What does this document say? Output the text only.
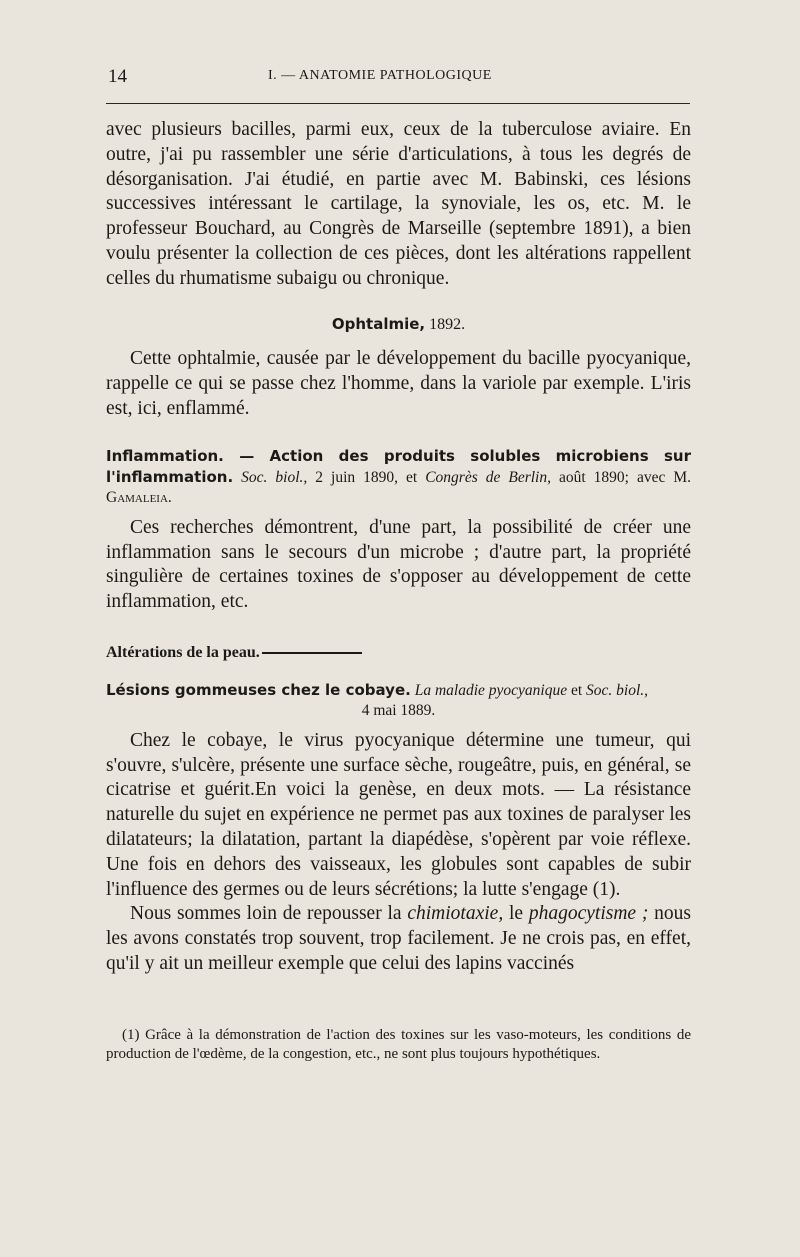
14	I. — ANATOMIE PATHOLOGIQUE

avec plusieurs bacilles, parmi eux, ceux de la tuberculose aviaire. En outre, j'ai pu rassembler une série d'articulations, à tous les degrés de désorganisation. J'ai étudié, en partie avec M. Babinski, ces lésions successives intéressant le cartilage, la synoviale, les os, etc. M. le professeur Bouchard, au Congrès de Marseille (septembre 1891), a bien voulu présenter la collection de ces pièces, dont les altérations rappellent celles du rhumatisme subaigu ou chronique.

Ophtalmie, 1892.

Cette ophtalmie, causée par le développement du bacille pyocyanique, rappelle ce qui se passe chez l'homme, dans la variole par exemple. L'iris est, ici, enflammé.

Inflammation. — Action des produits solubles microbiens sur l'inflammation. Soc. biol., 2 juin 1890, et Congrès de Berlin, août 1890; avec M. Gamaleia.

Ces recherches démontrent, d'une part, la possibilité de créer une inflammation sans le secours d'un microbe ; d'autre part, la propriété singulière de certaines toxines de s'opposer au développement de cette inflammation, etc.

Altérations de la peau.
Lésions gommeuses chez le cobaye. La maladie pyocyanique et Soc. biol.,
4 mai 1889.

Chez le cobaye, le virus pyocyanique détermine une tumeur, qui s'ouvre, s'ulcère, présente une surface sèche, rougeâtre, puis, en général, se cicatrise et guérit.En voici la genèse, en deux mots. — La résistance naturelle du sujet en expérience ne permet pas aux toxines de paralyser les dilatateurs; la dilatation, partant la diapédèse, s'opèrent par voie réflexe. Une fois en dehors des vaisseaux, les globules sont capables de subir l'influence des germes ou de leurs sécrétions; la lutte s'engage (1).

Nous sommes loin de repousser la chimiotaxie, le phagocytisme ; nous les avons constatés trop souvent, trop facilement. Je ne crois pas, en effet, qu'il y ait un meilleur exemple que celui des lapins vaccinés

(1) Grâce à la démonstration de l'action des toxines sur les vaso-moteurs, les conditions de production de l'œdème, de la congestion, etc., ne sont plus toujours hypothétiques.
